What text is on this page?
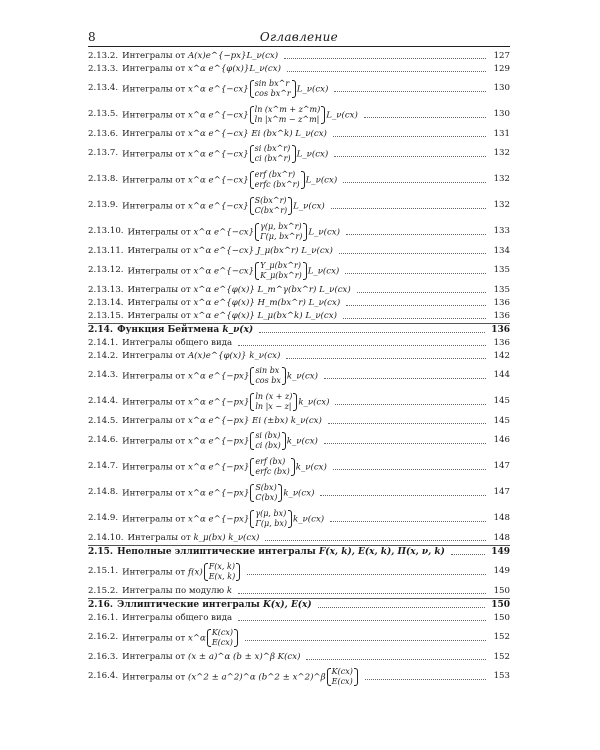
8	Оглавление
2.13.2. Интегралы от A(x)e^{−px}L_ν(cx)	127
2.13.3. Интегралы от x^α e^{φ(x)}L_ν(cx)	129
2.13.4. Интегралы от x^α e^{−cx}
sin bx^r
cos bx^r L_ν(cx)	130
2.13.5. Интегралы от x^α e^{−cx}
ln (x^m + z^m)
ln |x^m − z^m| L_ν(cx)	130
2.13.6. Интегралы от x^α e^{−cx} Ei (bx^k) L_ν(cx)	131
2.13.7. Интегралы от x^α e^{−cx}
si (bx^r)
ci (bx^r) L_ν(cx)	132
2.13.8. Интегралы от x^α e^{−cx}
erf (bx^r)
erfc (bx^r) L_ν(cx)	132
2.13.9. Интегралы от x^α e^{−cx}
S(bx^r)
C(bx^r) L_ν(cx)	132
2.13.10. Интегралы от x^α e^{−cx}
γ(μ, bx^r)
Γ(μ, bx^r) L_ν(cx)	133
2.13.11. Интегралы от x^α e^{−cx} J_μ(bx^r) L_ν(cx)	134
2.13.12. Интегралы от x^α e^{−cx}
Y_μ(bx^r)
K_μ(bx^r) L_ν(cx)	135
2.13.13. Интегралы от x^α e^{φ(x)} L_m^γ(bx^r) L_ν(cx)	135
2.13.14. Интегралы от x^α e^{φ(x)} H_m(bx^r) L_ν(cx)	136
2.13.15. Интегралы от x^α e^{φ(x)} L_μ(bx^k) L_ν(cx)	136
2.14. Функция Бейтмена k_ν(x)	136
2.14.1. Интегралы общего вида	136
2.14.2. Интегралы от A(x)e^{φ(x)} k_ν(cx)	142
2.14.3. Интегралы от x^α e^{−px}
sin bx
cos bx k_ν(cx)	144
2.14.4. Интегралы от x^α e^{−px}
ln (x + z)
ln |x − z| k_ν(cx)	145
2.14.5. Интегралы от x^α e^{−px} Ei (±bx) k_ν(cx)	145
2.14.6. Интегралы от x^α e^{−px}
si (bx)
ci (bx) k_ν(cx)	146
2.14.7. Интегралы от x^α e^{−px}
erf (bx)
erfc (bx) k_ν(cx)	147
2.14.8. Интегралы от x^α e^{−px}
S(bx)
C(bx) k_ν(cx)	147
2.14.9. Интегралы от x^α e^{−px}
γ(μ, bx)
Γ(μ, bx) k_ν(cx)	148
2.14.10. Интегралы от k_μ(bx) k_ν(cx)	148
2.15. Неполные эллиптические интегралы F(x, k), E(x, k), Π(x, ν, k)	149
2.15.1. Интегралы от f(x)
F(x, k)
E(x, k)
149
2.15.2. Интегралы по модулю k	150
2.16. Эллиптические интегралы K(x), E(x)	150
2.16.1. Интегралы общего вида	150
2.16.2. Интегралы от x^α
K(cx)
E(cx)
152
2.16.3. Интегралы от (x ± a)^α (b ± x)^β K(cx)	152
2.16.4. Интегралы от (x^2 ± a^2)^α (b^2 ± x^2)^β
K(cx)
E(cx)
153
